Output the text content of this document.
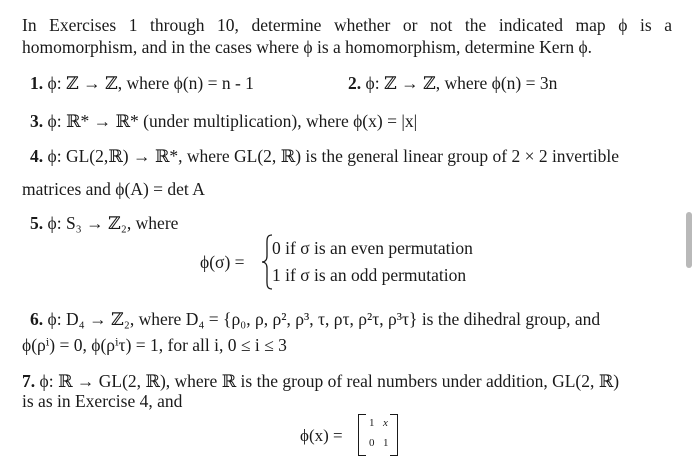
In Exercises 1 through 10, determine whether or not the indicated map ϕ is a homomorphism, and in the cases where ϕ is a homomorphism, determine Kern ϕ.
1. ϕ: ℤ → ℤ, where ϕ(n) = n - 1	2. ϕ: ℤ → ℤ, where ϕ(n) = 3n
3. ϕ: ℝ* → ℝ* (under multiplication), where ϕ(x) = |x|
4. ϕ: GL(2,ℝ) → ℝ*, where GL(2, ℝ) is the general linear group of 2 × 2 invertible
matrices and ϕ(A) = det A
5. ϕ: S₃ → ℤ₂, where
ϕ(σ) =
0 if σ is an even permutation
1 if σ is an odd permutation
6. ϕ: D₄ → ℤ₂, where D₄ = {ρ₀, ρ, ρ², ρ³, τ, ρτ, ρ²τ, ρ³τ} is the dihedral group, and
ϕ(ρⁱ) = 0, ϕ(ρⁱτ) = 1, for all i, 0 ≤ i ≤ 3
7. ϕ: ℝ → GL(2, ℝ), where ℝ is the group of real numbers under addition, GL(2, ℝ)
is as in Exercise 4, and
ϕ(x) =
1 x
0 1
